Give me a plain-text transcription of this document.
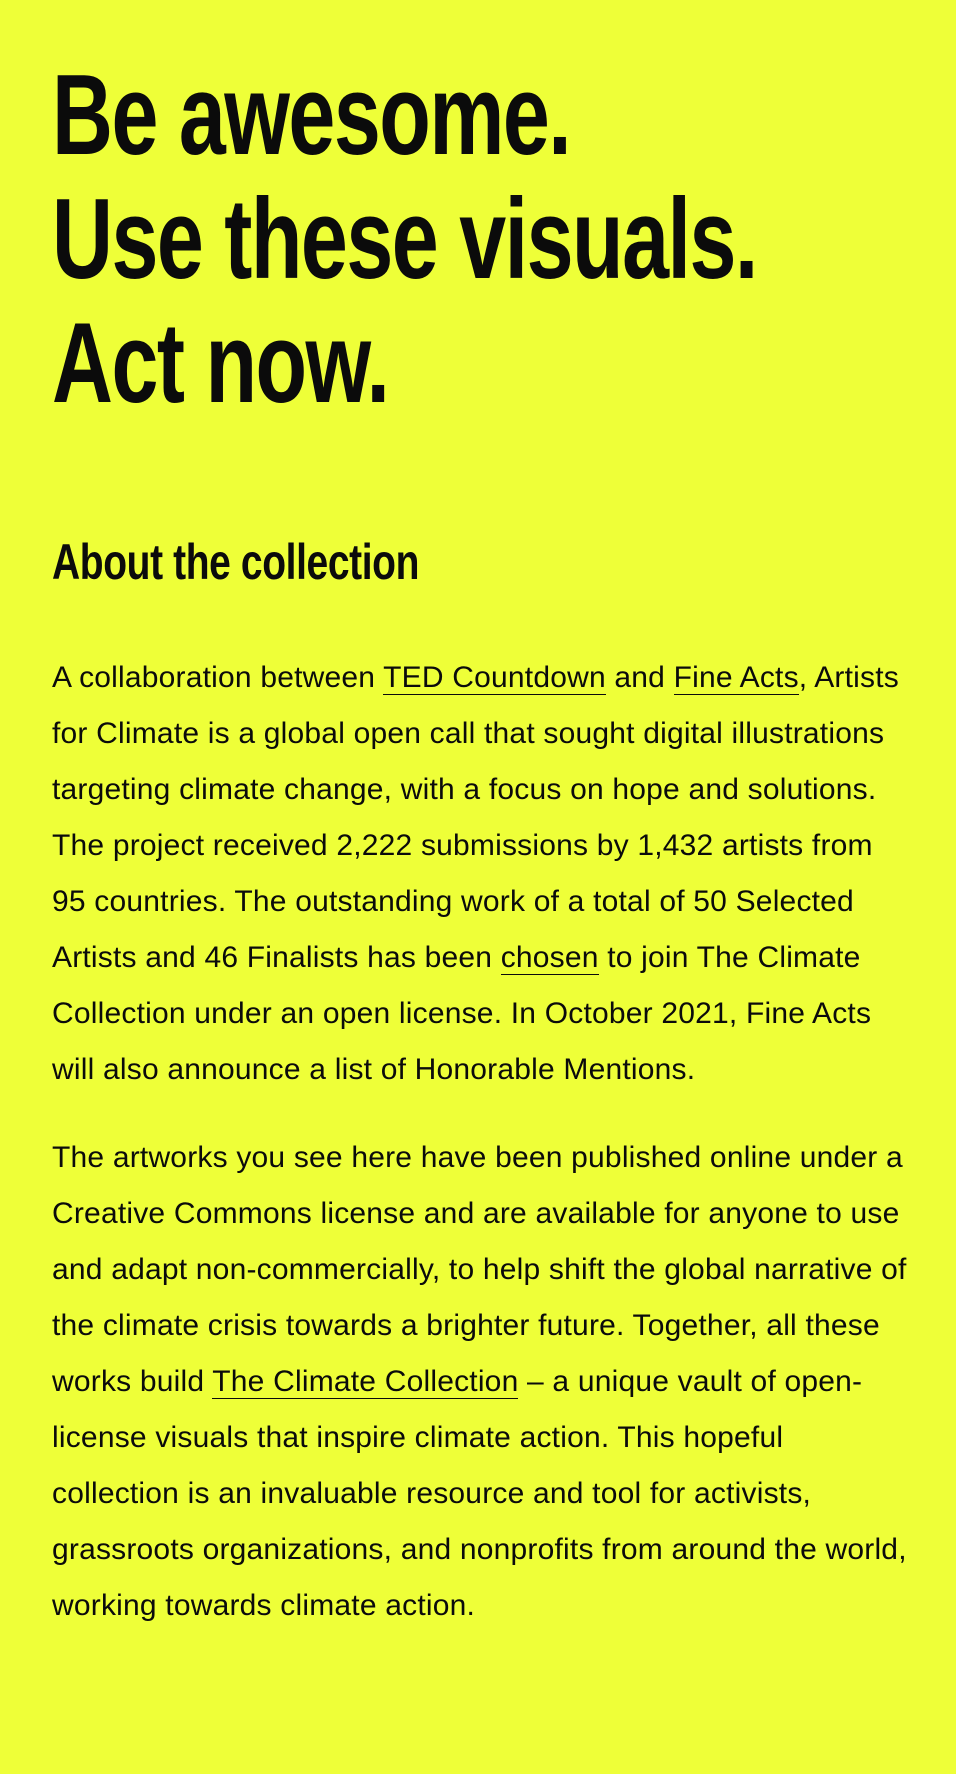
Be awesome.
Use these visuals.
Act now.
About the collection

A collaboration between TED Countdown and Fine Acts, Artists for Climate is a global open call that sought digital illustrations targeting climate change, with a focus on hope and solutions. The project received 2,222 submissions by 1,432 artists from 95 countries. The outstanding work of a total of 50 Selected Artists and 46 Finalists has been chosen to join The Climate Collection under an open license. In October 2021, Fine Acts will also announce a list of Honorable Mentions.

The artworks you see here have been published online under a Creative Commons license and are available for anyone to use and adapt non-commercially, to help shift the global narrative of the climate crisis towards a brighter future. Together, all these works build The Climate Collection – a unique vault of open-license visuals that inspire climate action. This hopeful collection is an invaluable resource and tool for activists, grassroots organizations, and nonprofits from around the world, working towards climate action.
